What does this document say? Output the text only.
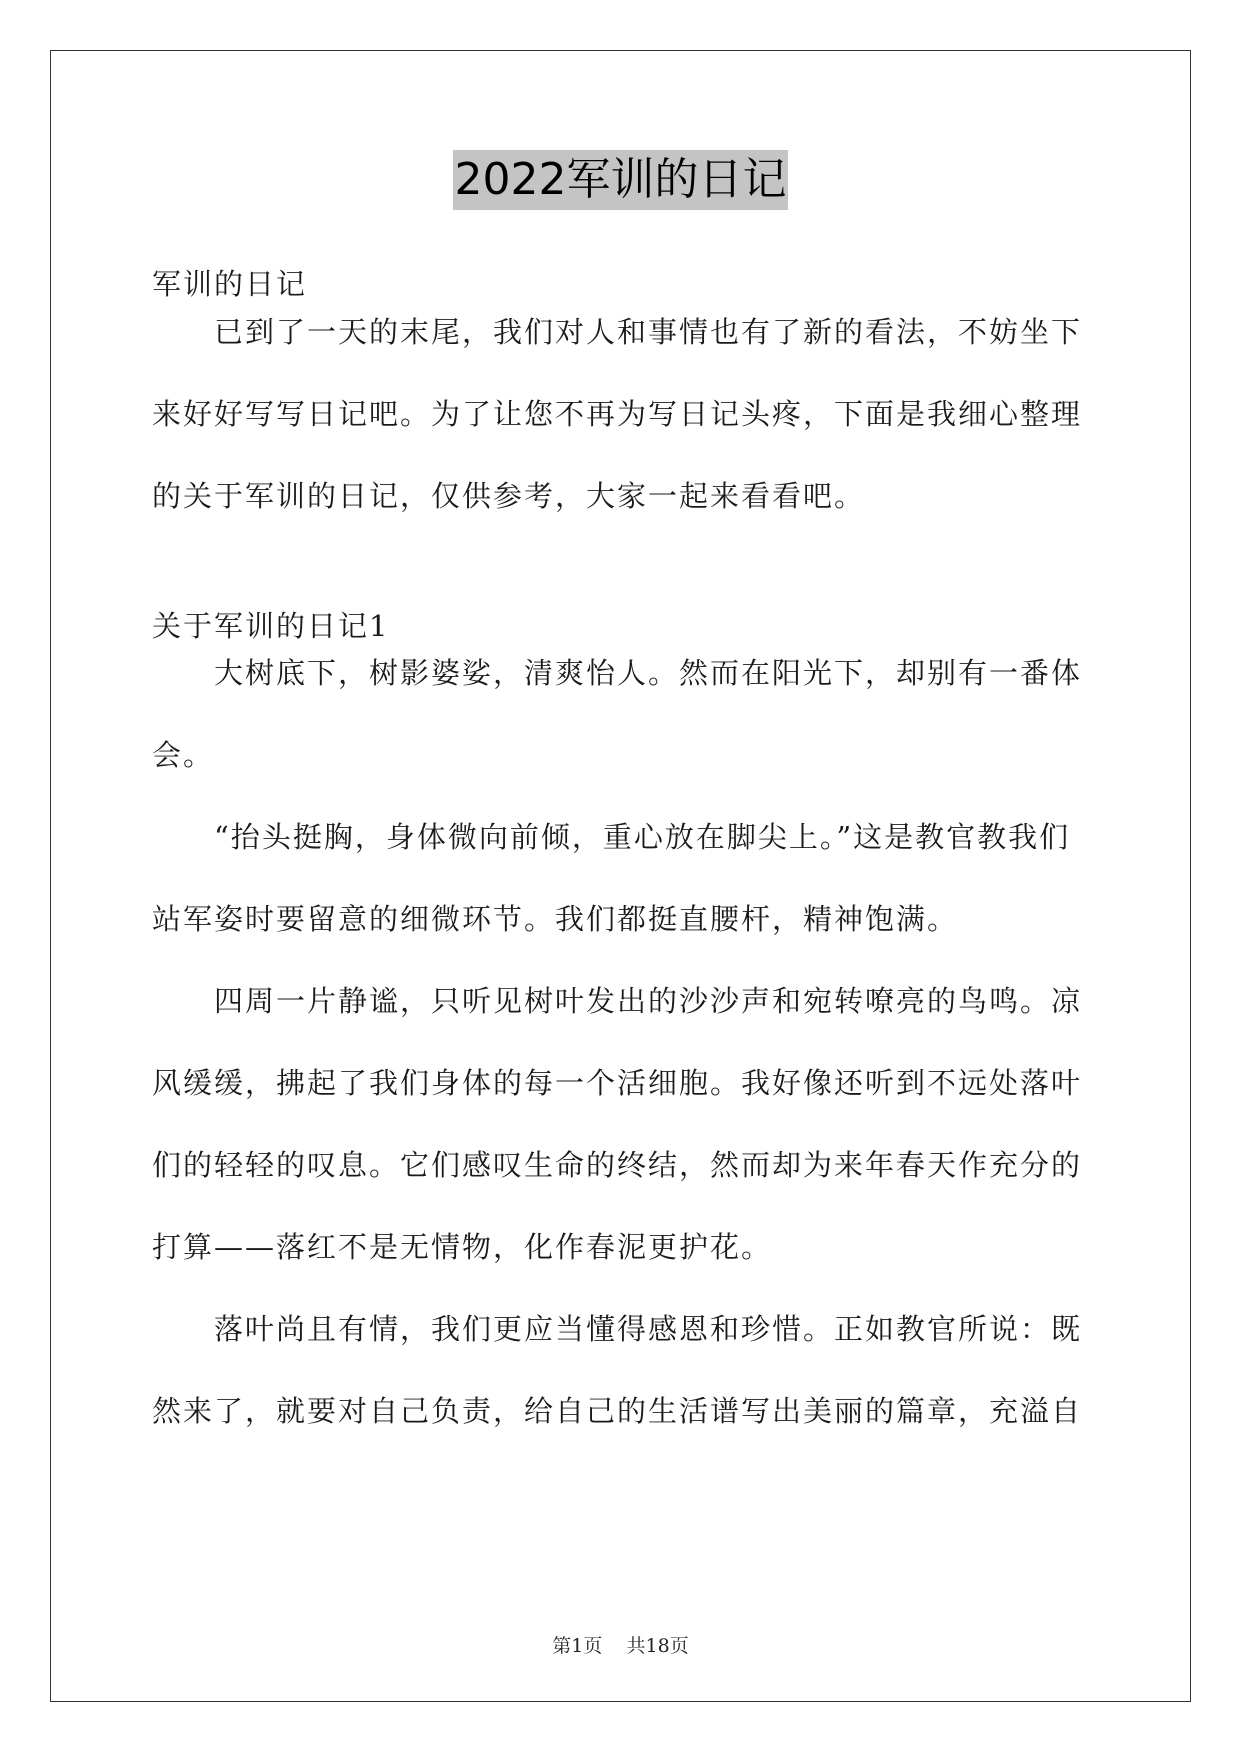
2022军训的日记

军训的日记

已到了一天的末尾，我们对人和事情也有了新的看法，不妨坐下来好好写写日记吧。为了让您不再为写日记头疼，下面是我细心整理的关于军训的日记，仅供参考，大家一起来看看吧。

关于军训的日记1

大树底下，树影婆娑，清爽怡人。然而在阳光下，却别有一番体会。

“抬头挺胸，身体微向前倾，重心放在脚尖上。”这是教官教我们站军姿时要留意的细微环节。我们都挺直腰杆，精神饱满。

四周一片静谧，只听见树叶发出的沙沙声和宛转嘹亮的鸟鸣。凉风缓缓，拂起了我们身体的每一个活细胞。我好像还听到不远处落叶们的轻轻的叹息。它们感叹生命的终结，然而却为来年春天作充分的打算——落红不是无情物，化作春泥更护花。

落叶尚且有情，我们更应当懂得感恩和珍惜。正如教官所说：既然来了，就要对自己负责，给自己的生活谱写出美丽的篇章，充溢自

第1页    共18页
